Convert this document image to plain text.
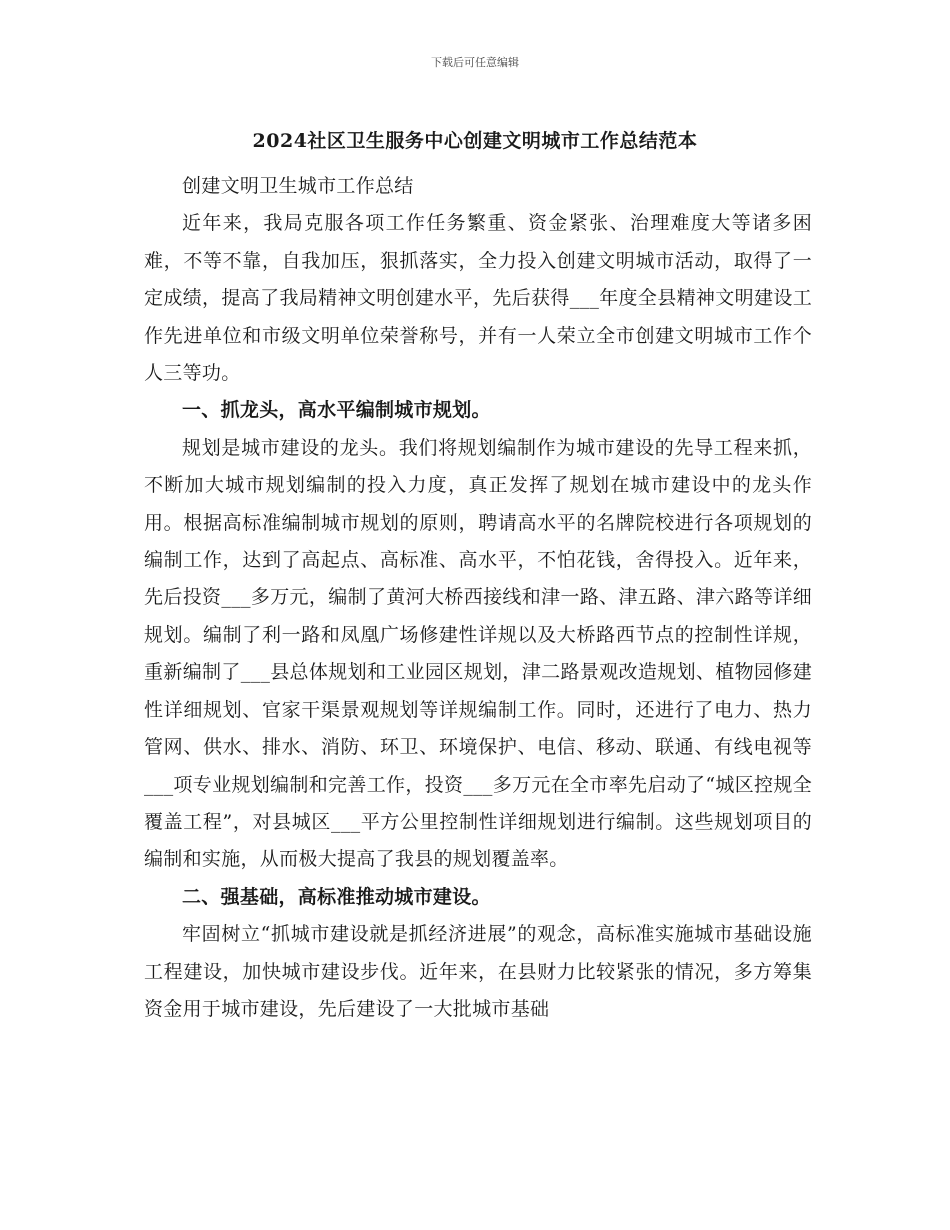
下载后可任意编辑
2024社区卫生服务中心创建文明城市工作总结范本

创建文明卫生城市工作总结

近年来，我局克服各项工作任务繁重、资金紧张、治理难度大等诸多困难，不等不靠，自我加压，狠抓落实，全力投入创建文明城市活动，取得了一定成绩，提高了我局精神文明创建水平，先后获得___年度全县精神文明建设工作先进单位和市级文明单位荣誉称号，并有一人荣立全市创建文明城市工作个人三等功。

一、抓龙头，高水平编制城市规划。

规划是城市建设的龙头。我们将规划编制作为城市建设的先导工程来抓，不断加大城市规划编制的投入力度，真正发挥了规划在城市建设中的龙头作用。根据高标准编制城市规划的原则，聘请高水平的名牌院校进行各项规划的编制工作，达到了高起点、高标准、高水平，不怕花钱，舍得投入。近年来，先后投资___多万元，编制了黄河大桥西接线和津一路、津五路、津六路等详细规划。编制了利一路和凤凰广场修建性详规以及大桥路西节点的控制性详规，重新编制了___县总体规划和工业园区规划，津二路景观改造规划、植物园修建性详细规划、官家干渠景观规划等详规编制工作。同时，还进行了电力、热力管网、供水、排水、消防、环卫、环境保护、电信、移动、联通、有线电视等___项专业规划编制和完善工作，投资___多万元在全市率先启动了“城区控规全覆盖工程”，对县城区___平方公里控制性详细规划进行编制。这些规划项目的编制和实施，从而极大提高了我县的规划覆盖率。

二、强基础，高标准推动城市建设。

牢固树立“抓城市建设就是抓经济进展”的观念，高标准实施城市基础设施工程建设，加快城市建设步伐。近年来，在县财力比较紧张的情况，多方筹集资金用于城市建设，先后建设了一大批城市基础
